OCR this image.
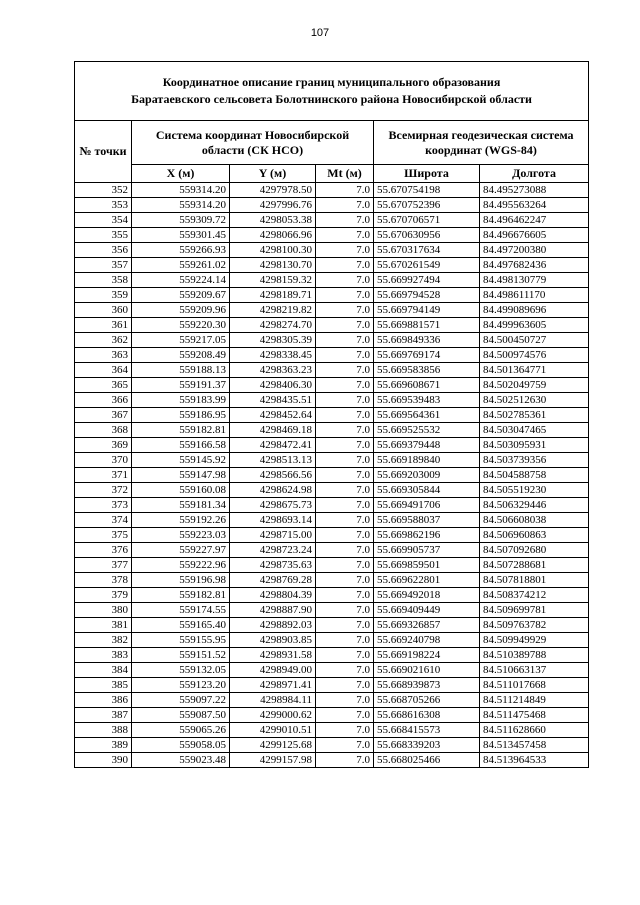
107
Координатное описание границ муниципального образования
Баратаевского сельсовета Болотнинского района Новосибирской области					

№ точки	Система координат Новосибирской области (СК НСО)			Всемирная геодезическая система координат (WGS-84)	
	X (м)	Y (м)	Mt (м)	Широта	Долгота
352	559314.20	4297978.50	7.0	55.670754198	84.495273088
353	559314.20	4297996.76	7.0	55.670752396	84.495563264
354	559309.72	4298053.38	7.0	55.670706571	84.496462247
355	559301.45	4298066.96	7.0	55.670630956	84.496676605
356	559266.93	4298100.30	7.0	55.670317634	84.497200380
357	559261.02	4298130.70	7.0	55.670261549	84.497682436
358	559224.14	4298159.32	7.0	55.669927494	84.498130779
359	559209.67	4298189.71	7.0	55.669794528	84.498611170
360	559209.96	4298219.82	7.0	55.669794149	84.499089696
361	559220.30	4298274.70	7.0	55.669881571	84.499963605
362	559217.05	4298305.39	7.0	55.669849336	84.500450727
363	559208.49	4298338.45	7.0	55.669769174	84.500974576
364	559188.13	4298363.23	7.0	55.669583856	84.501364771
365	559191.37	4298406.30	7.0	55.669608671	84.502049759
366	559183.99	4298435.51	7.0	55.669539483	84.502512630
367	559186.95	4298452.64	7.0	55.669564361	84.502785361
368	559182.81	4298469.18	7.0	55.669525532	84.503047465
369	559166.58	4298472.41	7.0	55.669379448	84.503095931
370	559145.92	4298513.13	7.0	55.669189840	84.503739356
371	559147.98	4298566.56	7.0	55.669203009	84.504588758
372	559160.08	4298624.98	7.0	55.669305844	84.505519230
373	559181.34	4298675.73	7.0	55.669491706	84.506329446
374	559192.26	4298693.14	7.0	55.669588037	84.506608038
375	559223.03	4298715.00	7.0	55.669862196	84.506960863
376	559227.97	4298723.24	7.0	55.669905737	84.507092680
377	559222.96	4298735.63	7.0	55.669859501	84.507288681
378	559196.98	4298769.28	7.0	55.669622801	84.507818801
379	559182.81	4298804.39	7.0	55.669492018	84.508374212
380	559174.55	4298887.90	7.0	55.669409449	84.509699781
381	559165.40	4298892.03	7.0	55.669326857	84.509763782
382	559155.95	4298903.85	7.0	55.669240798	84.509949929
383	559151.52	4298931.58	7.0	55.669198224	84.510389788
384	559132.05	4298949.00	7.0	55.669021610	84.510663137
385	559123.20	4298971.41	7.0	55.668939873	84.511017668
386	559097.22	4298984.11	7.0	55.668705266	84.511214849
387	559087.50	4299000.62	7.0	55.668616308	84.511475468
388	559065.26	4299010.51	7.0	55.668415573	84.511628660
389	559058.05	4299125.68	7.0	55.668339203	84.513457458
390	559023.48	4299157.98	7.0	55.668025466	84.513964533
